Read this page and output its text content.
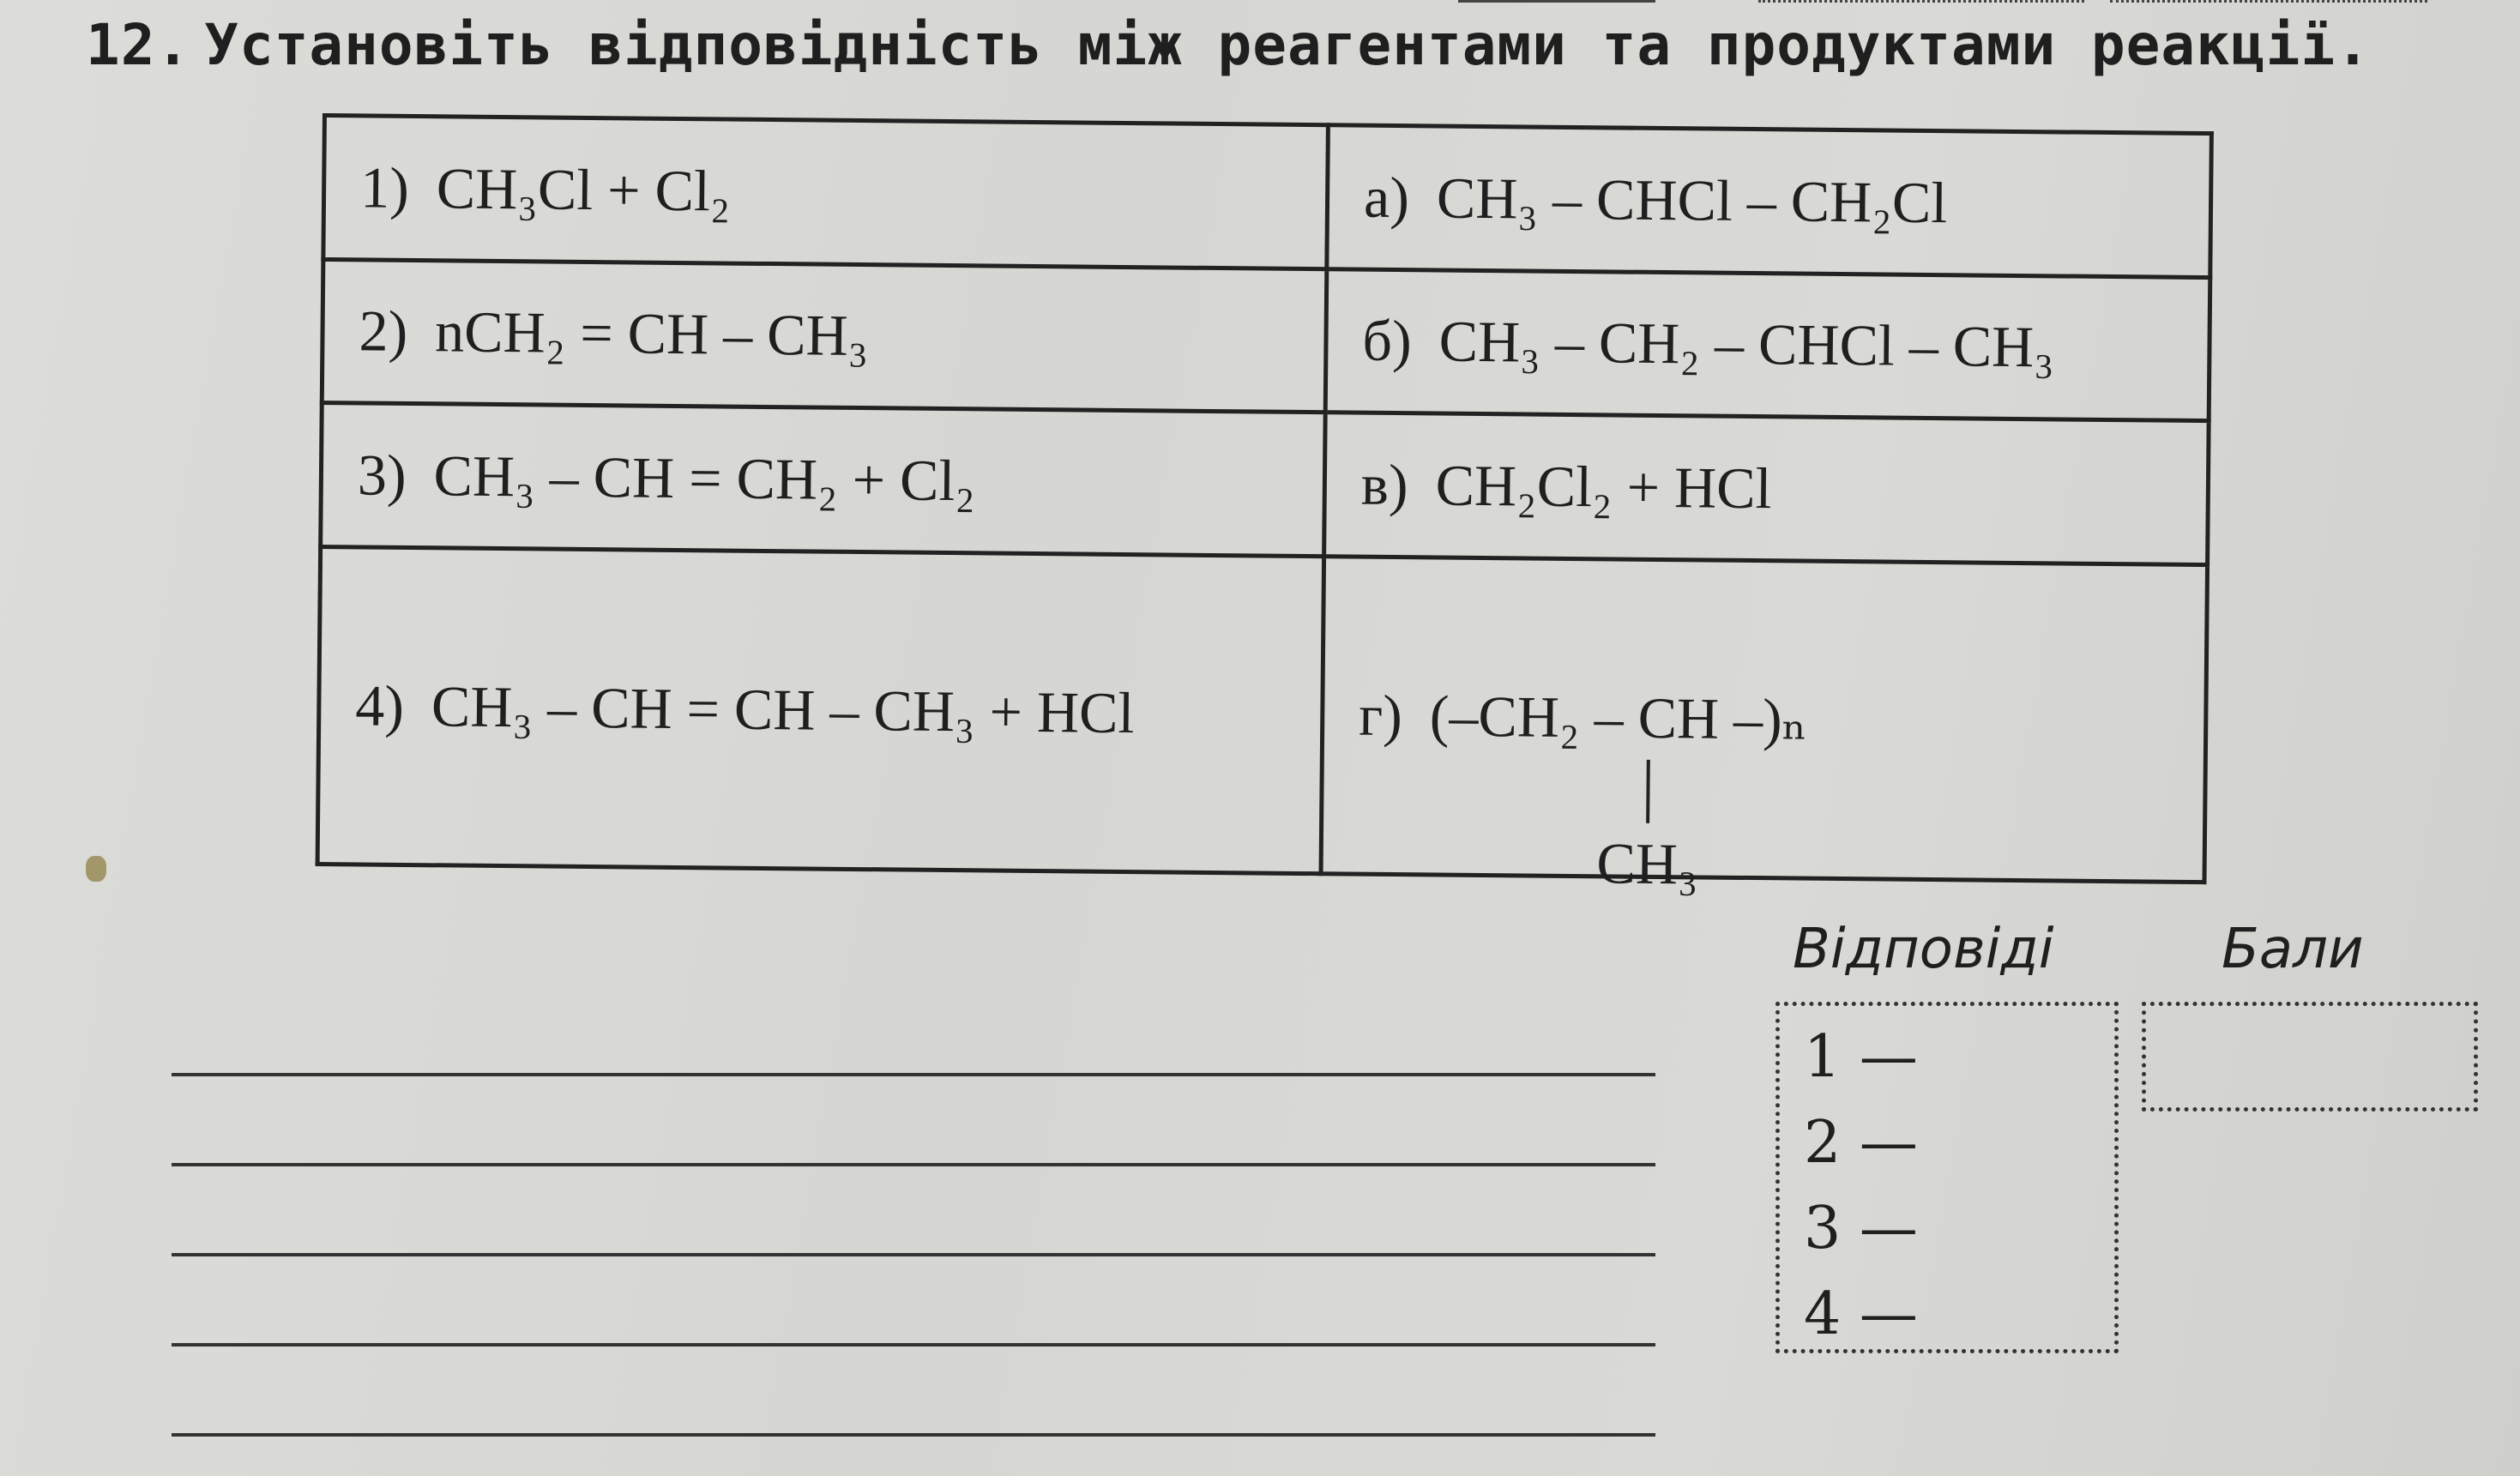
12. Установіть відповідність між реагентами та продуктами реакції.
1) CH₃Cl + Cl₂	а) CH₃ – CHCl – CH₂Cl
2) nCH₂ = CH – CH₃	б) CH₃ – CH₂ – CHCl – CH₃
3) CH₃ – CH = CH₂ + Cl₂	в) CH₂Cl₂ + HCl
4) CH₃ – CH = CH – CH₃ + HCl	г) (–CH₂ – CH –)ₙ
CH₃
Відповіді	Бали
1 —
2 —
3 —
4 —
